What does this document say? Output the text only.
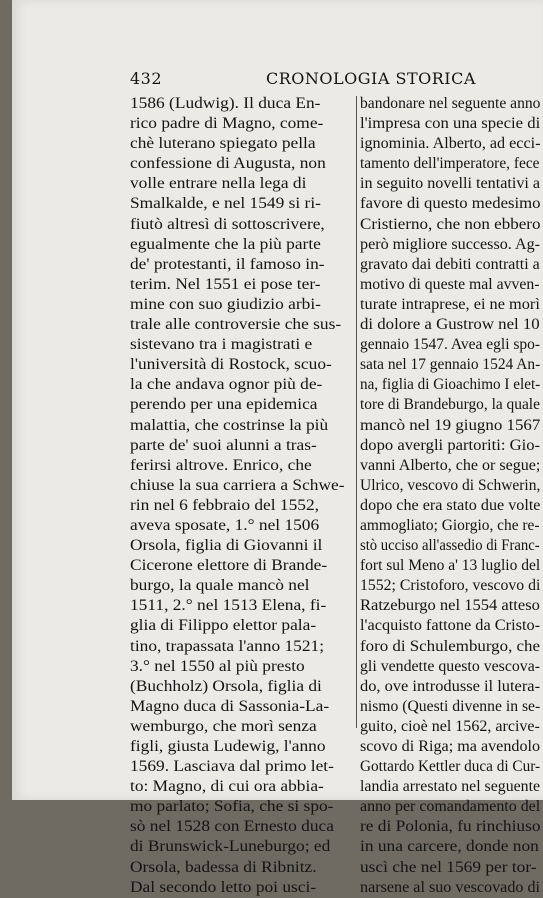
432	CRONOLOGIA STORICA
1586 (Ludwig). Il duca En-
rico padre di Magno, come-
chè luterano spiegato pella
confessione di Augusta, non
volle entrare nella lega di
Smalkalde, e nel 1549 si ri-
fiutò altresì di sottoscrivere,
egualmente che la più parte
de' protestanti, il famoso in-
terim. Nel 1551 ei pose ter-
mine con suo giudizio arbi-
trale alle controversie che sus-
sistevano tra i magistrati e
l'università di Rostock, scuo-
la che andava ognor più de-
perendo per una epidemica
malattia, che costrinse la più
parte de' suoi alunni a tras-
ferirsi altrove. Enrico, che
chiuse la sua carriera a Schwe-
rin nel 6 febbraio del 1552,
aveva sposate, 1.° nel 1506
Orsola, figlia di Giovanni il
Cicerone elettore di Brande-
burgo, la quale mancò nel
1511, 2.° nel 1513 Elena, fi-
glia di Filippo elettor pala-
tino, trapassata l'anno 1521;
3.° nel 1550 al più presto
(Buchholz) Orsola, figlia di
Magno duca di Sassonia-La-
wemburgo, che morì senza
figli, giusta Ludewig, l'anno
1569. Lasciava dal primo let-
to: Magno, di cui ora abbia-
mo parlato; Sofia, che si spo-
sò nel 1528 con Ernesto duca
di Brunswick-Luneburgo; ed
Orsola, badessa di Ribnitz.
Dal secondo letto poi usci-
bandonare nel seguente anno
l'impresa con una specie di
ignominia. Alberto, ad ecci-
tamento dell'imperatore, fece
in seguito novelli tentativi a
favore di questo medesimo
Cristierno, che non ebbero
però migliore successo. Ag-
gravato dai debiti contratti a
motivo di queste mal avven-
turate intraprese, ei ne morì
di dolore a Gustrow nel 10
gennaio 1547. Avea egli spo-
sata nel 17 gennaio 1524 An-
na, figlia di Gioachimo I elet-
tore di Brandeburgo, la quale
mancò nel 19 giugno 1567
dopo avergli partoriti: Gio-
vanni Alberto, che or segue;
Ulrico, vescovo di Schwerin,
dopo che era stato due volte
ammogliato; Giorgio, che re-
stò ucciso all'assedio di Franc-
fort sul Meno a' 13 luglio del
1552; Cristoforo, vescovo di
Ratzeburgo nel 1554 atteso
l'acquisto fattone da Cristo-
foro di Schulemburgo, che
gli vendette questo vescova-
do, ove introdusse il lutera-
nismo (Questi divenne in se-
guito, cioè nel 1562, arcive-
scovo di Riga; ma avendolo
Gottardo Kettler duca di Cur-
landia arrestato nel seguente
anno per comandamento del
re di Polonia, fu rinchiuso
in una carcere, donde non
uscì che nel 1569 per tor-
narsene al suo vescovado di
